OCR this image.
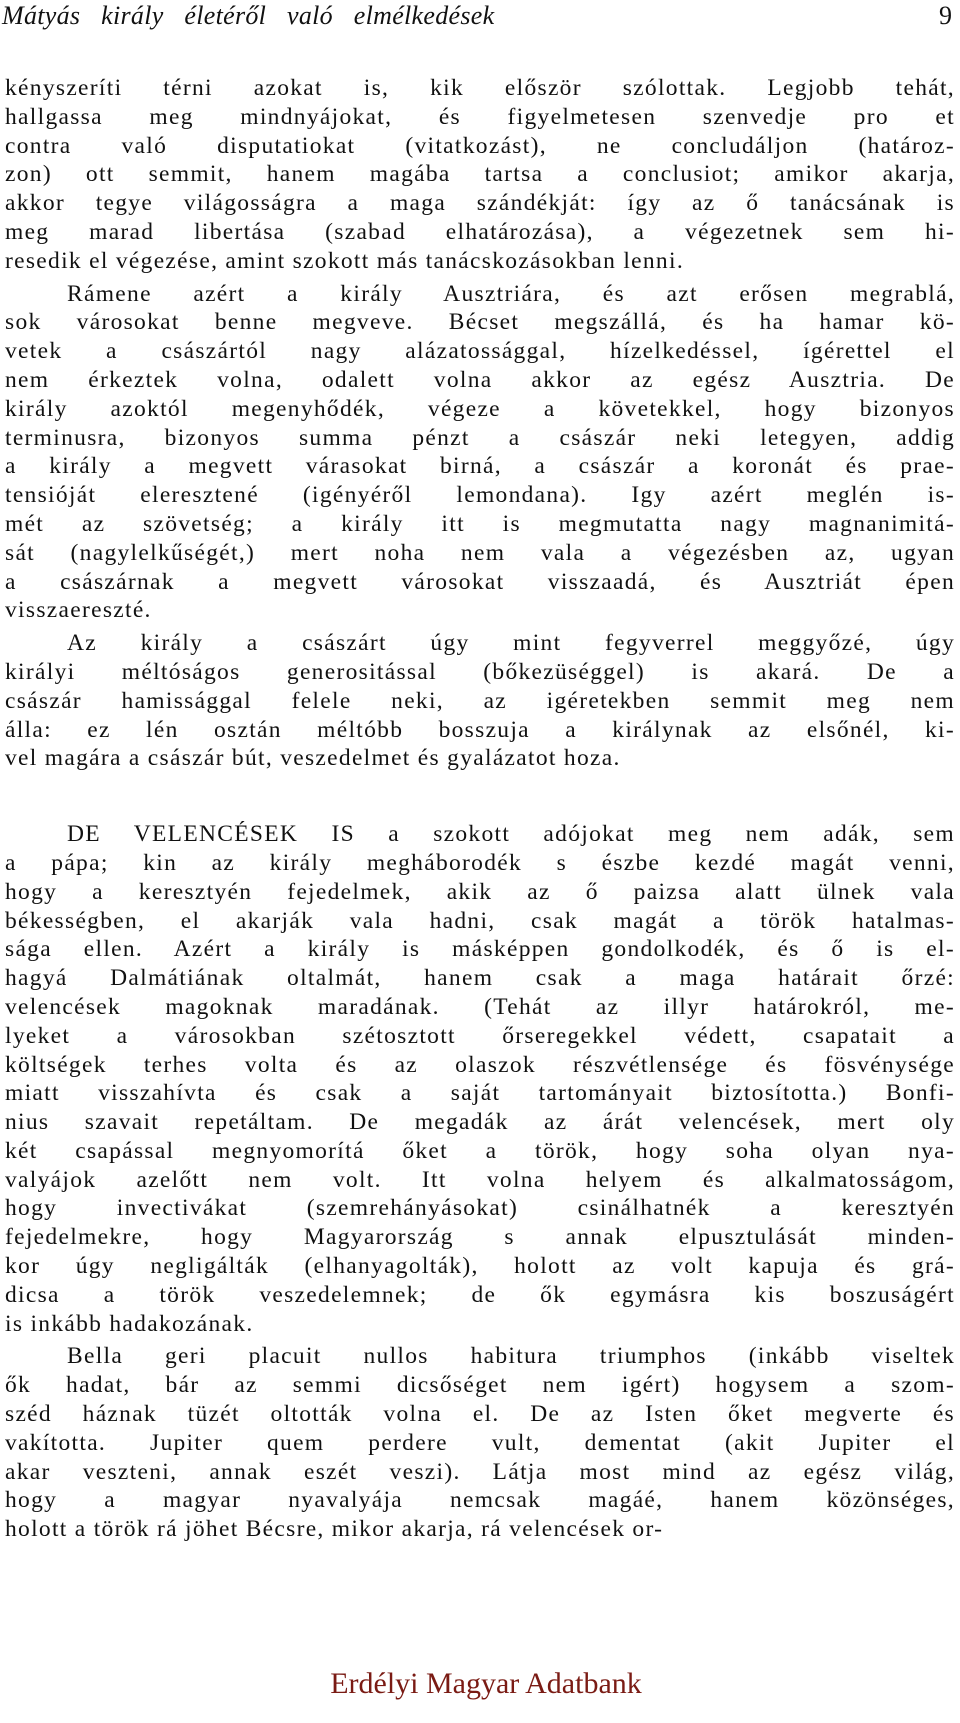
Mátyás király életéről való elmélkedések	9
kényszeríti térni azokat is, kik először szólottak. Legjobb tehát,
hallgassa meg mindnyájokat, és figyelmetesen szenvedje pro et
contra való disputatiokat (vitatkozást), ne concludáljon (határoz-
zon) ott semmit, hanem magába tartsa a conclusiot; amikor akarja,
akkor tegye világosságra a maga szándékját: így az ő tanácsának is
meg marad libertása (szabad elhatározása), a végezetnek sem hi-
resedik el végezése, amint szokott más tanácskozásokban lenni.
Rámene azért a király Ausztriára, és azt erősen megrablá,
sok városokat benne megveve. Bécset megszállá, és ha hamar kö-
vetek a császártól nagy alázatossággal, hízelkedéssel, ígérettel el
nem érkeztek volna, odalett volna akkor az egész Ausztria. De
király azoktól megenyhődék, végeze a követekkel, hogy bizonyos
terminusra, bizonyos summa pénzt a császár neki letegyen, addig
a király a megvett várasokat birná, a császár a koronát és prae-
tensióját eleresztené (igényéről lemondana). Igy azért meglén is-
mét az szövetség; a király itt is megmutatta nagy magnanimitá-
sát (nagylelkűségét,) mert noha nem vala a végezésben az, ugyan
a császárnak a megvett városokat visszaadá, és Ausztriát épen
visszaereszté.
Az király a császárt úgy mint fegyverrel meggyőzé, úgy
királyi méltóságos generositással (bőkezüséggel) is akará. De a
császár hamissággal felele neki, az igéretekben semmit meg nem
álla: ez lén osztán méltóbb bosszuja a királynak az elsőnél, ki-
vel magára a császár bút, veszedelmet és gyalázatot hoza.
DE VELENCÉSEK IS a szokott adójokat meg nem adák, sem
a pápa; kin az király megháborodék s észbe kezdé magát venni,
hogy a keresztyén fejedelmek, akik az ő paizsa alatt ülnek vala
békességben, el akarják vala hadni, csak magát a török hatalmas-
sága ellen. Azért a király is másképpen gondolkodék, és ő is el-
hagyá Dalmátiának oltalmát, hanem csak a maga határait őrzé:
velencések magoknak maradának. (Tehát az illyr határokról, me-
lyeket a városokban szétosztott őrseregekkel védett, csapatait a
költségek terhes volta és az olaszok részvétlensége és fösvénysége
miatt visszahívta és csak a saját tartományait biztosította.) Bonfi-
nius szavait repetáltam. De megadák az árát velencések, mert oly
két csapással megnyomorítá őket a török, hogy soha olyan nya-
valyájok azelőtt nem volt. Itt volna helyem és alkalmatosságom,
hogy invectivákat (szemrehányásokat) csinálhatnék a keresztyén
fejedelmekre, hogy Magyarország s annak elpusztulását minden-
kor úgy negligálták (elhanyagolták), holott az volt kapuja és grá-
dicsa a török veszedelemnek; de ők egymásra kis boszuságért
is inkább hadakozának.
Bella geri placuit nullos habitura triumphos (inkább viseltek
ők hadat, bár az semmi dicsőséget nem igért) hogysem a szom-
széd háznak tüzét oltották volna el. De az Isten őket megverte és
vakította. Jupiter quem perdere vult, dementat (akit Jupiter el
akar veszteni, annak eszét veszi). Látja most mind az egész világ,
hogy a magyar nyavalyája nemcsak magáé, hanem közönséges,
holott a török rá jöhet Bécsre, mikor akarja, rá velencések or-
Erdélyi Magyar Adatbank
